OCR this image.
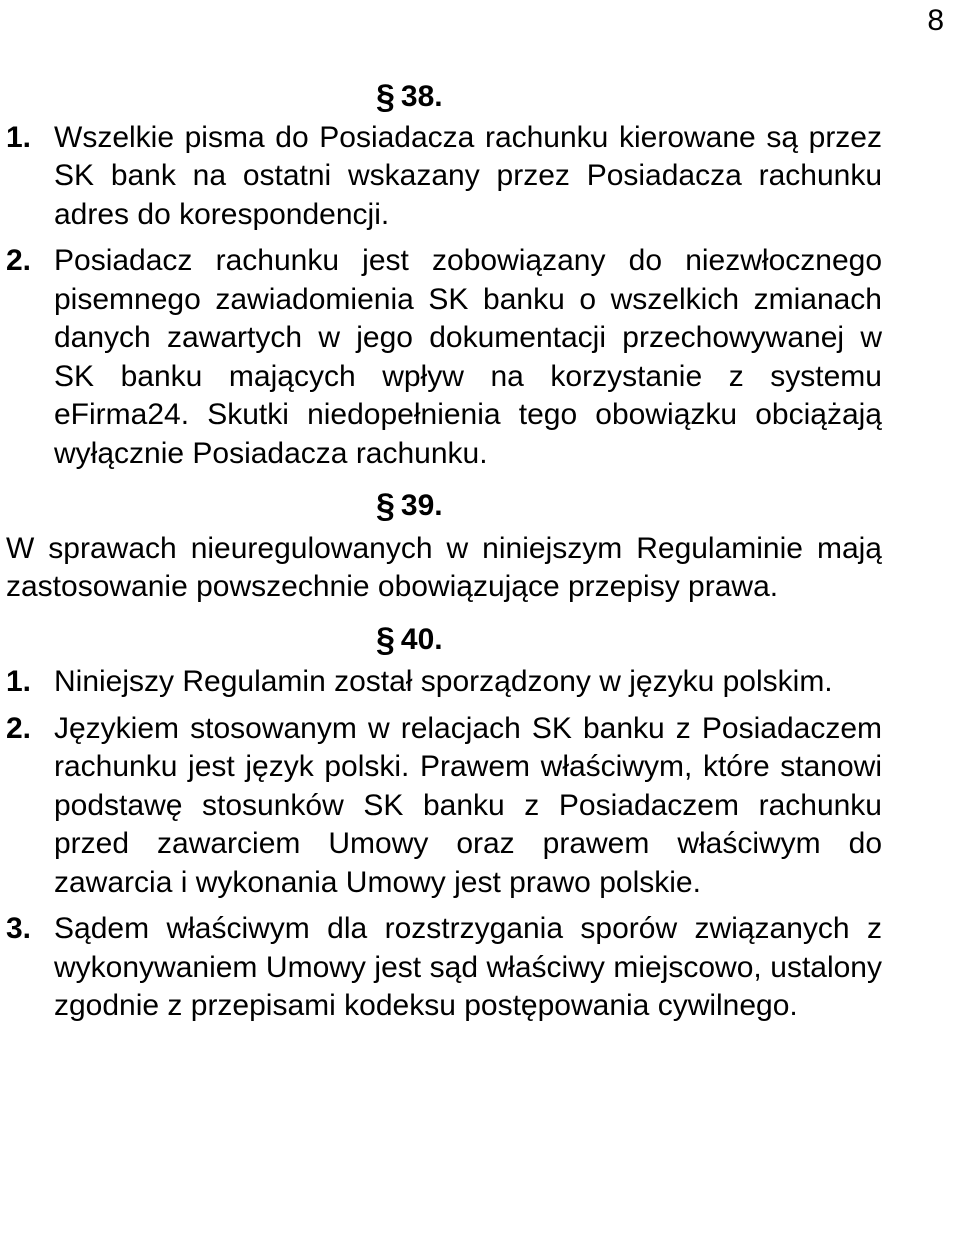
8
§ 38.
1. Wszelkie pisma do Posiadacza rachunku kierowane są przez SK bank na ostatni wskazany przez Posiadacza rachunku adres do korespondencji.
2. Posiadacz rachunku jest zobowiązany do niezwłocznego pisemnego zawiadomienia SK banku o wszelkich zmianach danych zawartych w jego dokumentacji przechowywanej w SK banku mających wpływ na korzystanie z systemu eFirma24. Skutki niedopełnienia tego obowiązku obciążają wyłącznie Posiadacza rachunku.
§ 39.
W sprawach nieuregulowanych w niniejszym Regulaminie mają zastosowanie powszechnie obowiązujące przepisy prawa.
§ 40.
1. Niniejszy Regulamin został sporządzony w języku polskim.
2. Językiem stosowanym w relacjach SK banku z Posiadaczem rachunku jest język polski. Prawem właściwym, które stanowi podstawę stosunków SK banku z Posiadaczem rachunku przed zawarciem Umowy oraz prawem właściwym do zawarcia i wykonania Umowy jest prawo polskie.
3. Sądem właściwym dla rozstrzygania sporów związanych z wykonywaniem Umowy jest sąd właściwy miejscowo, ustalony zgodnie z przepisami kodeksu postępowania cywilnego.
